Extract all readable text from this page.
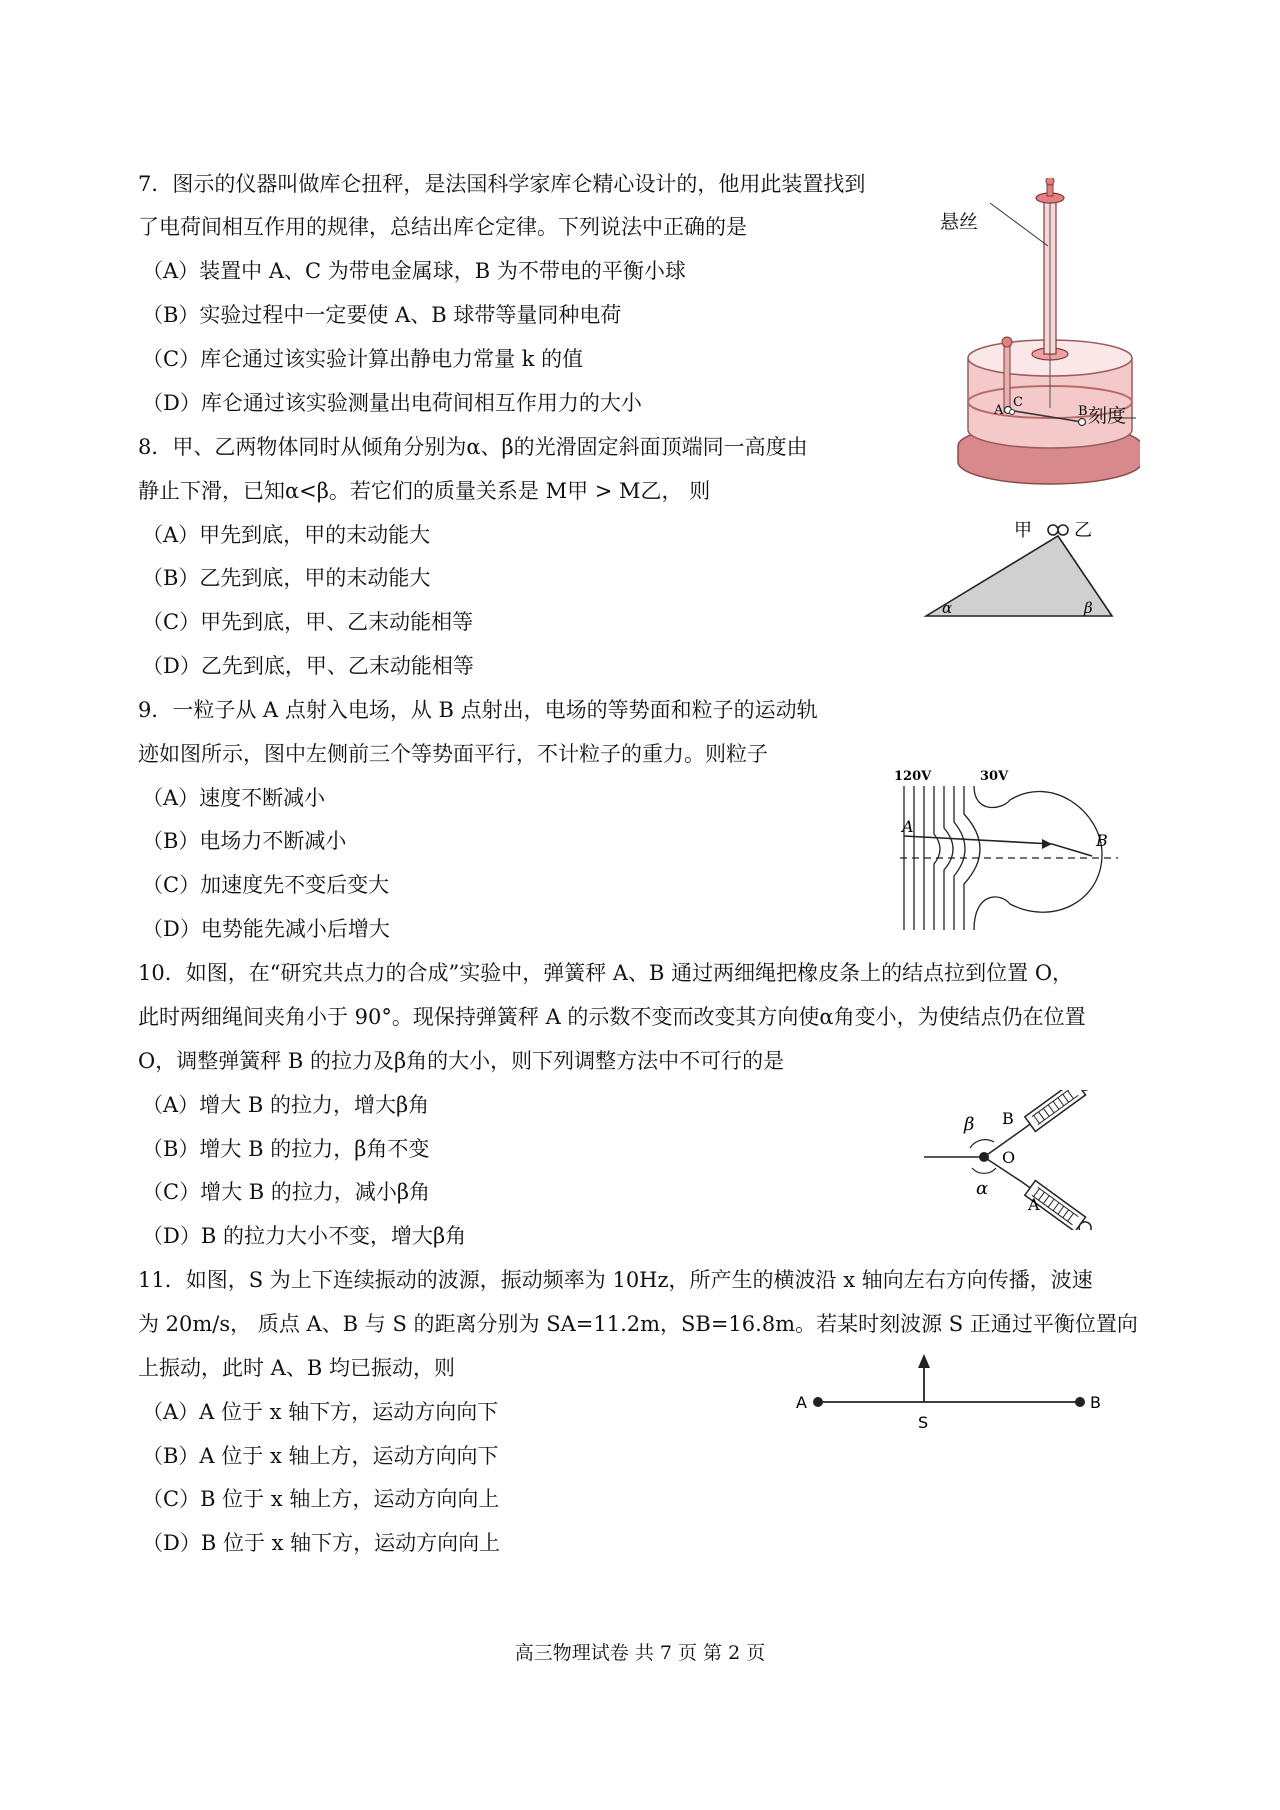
7．图示的仪器叫做库仑扭秤，是法国科学家库仑精心设计的，他用此装置找到
了电荷间相互作用的规律，总结出库仑定律。下列说法中正确的是
（A）装置中 A、C 为带电金属球，B 为不带电的平衡小球
（B）实验过程中一定要使 A、B 球带等量同种电荷
（C）库仑通过该实验计算出静电力常量 k 的值
（D）库仑通过该实验测量出电荷间相互作用力的大小
8．甲、乙两物体同时从倾角分别为α、β的光滑固定斜面顶端同一高度由
静止下滑，已知α<β。若它们的质量关系是 M甲 > M乙， 则
（A）甲先到底，甲的末动能大
（B）乙先到底，甲的末动能大
（C）甲先到底，甲、乙末动能相等
（D）乙先到底，甲、乙末动能相等
9．一粒子从 A 点射入电场，从 B 点射出，电场的等势面和粒子的运动轨
迹如图所示，图中左侧前三个等势面平行，不计粒子的重力。则粒子
（A）速度不断减小
（B）电场力不断减小
（C）加速度先不变后变大
（D）电势能先减小后增大
10．如图，在“研究共点力的合成”实验中，弹簧秤 A、B 通过两细绳把橡皮条上的结点拉到位置 O，
此时两细绳间夹角小于 90°。现保持弹簧秤 A 的示数不变而改变其方向使α角变小，为使结点仍在位置
O，调整弹簧秤 B 的拉力及β角的大小，则下列调整方法中不可行的是
（A）增大 B 的拉力，增大β角
（B）增大 B 的拉力，β角不变
（C）增大 B 的拉力，减小β角
（D）B 的拉力大小不变，增大β角
11．如图，S 为上下连续振动的波源，振动频率为 10Hz，所产生的横波沿 x 轴向左右方向传播，波速
为 20m/s， 质点 A、B 与 S 的距离分别为 SA=11.2m，SB=16.8m。若某时刻波源 S 正通过平衡位置向
上振动，此时 A、B 均已振动，则
（A）A 位于 x 轴下方，运动方向向下
（B）A 位于 x 轴上方，运动方向向下
（C）B 位于 x 轴上方，运动方向向上
（D）B 位于 x 轴下方，运动方向向上
A
C
B
悬丝
刻度
甲 乙
α	β
120V	30V
A
B
β B
O
α
A
A
S
B
高三物理试卷 共 7 页 第 2 页
